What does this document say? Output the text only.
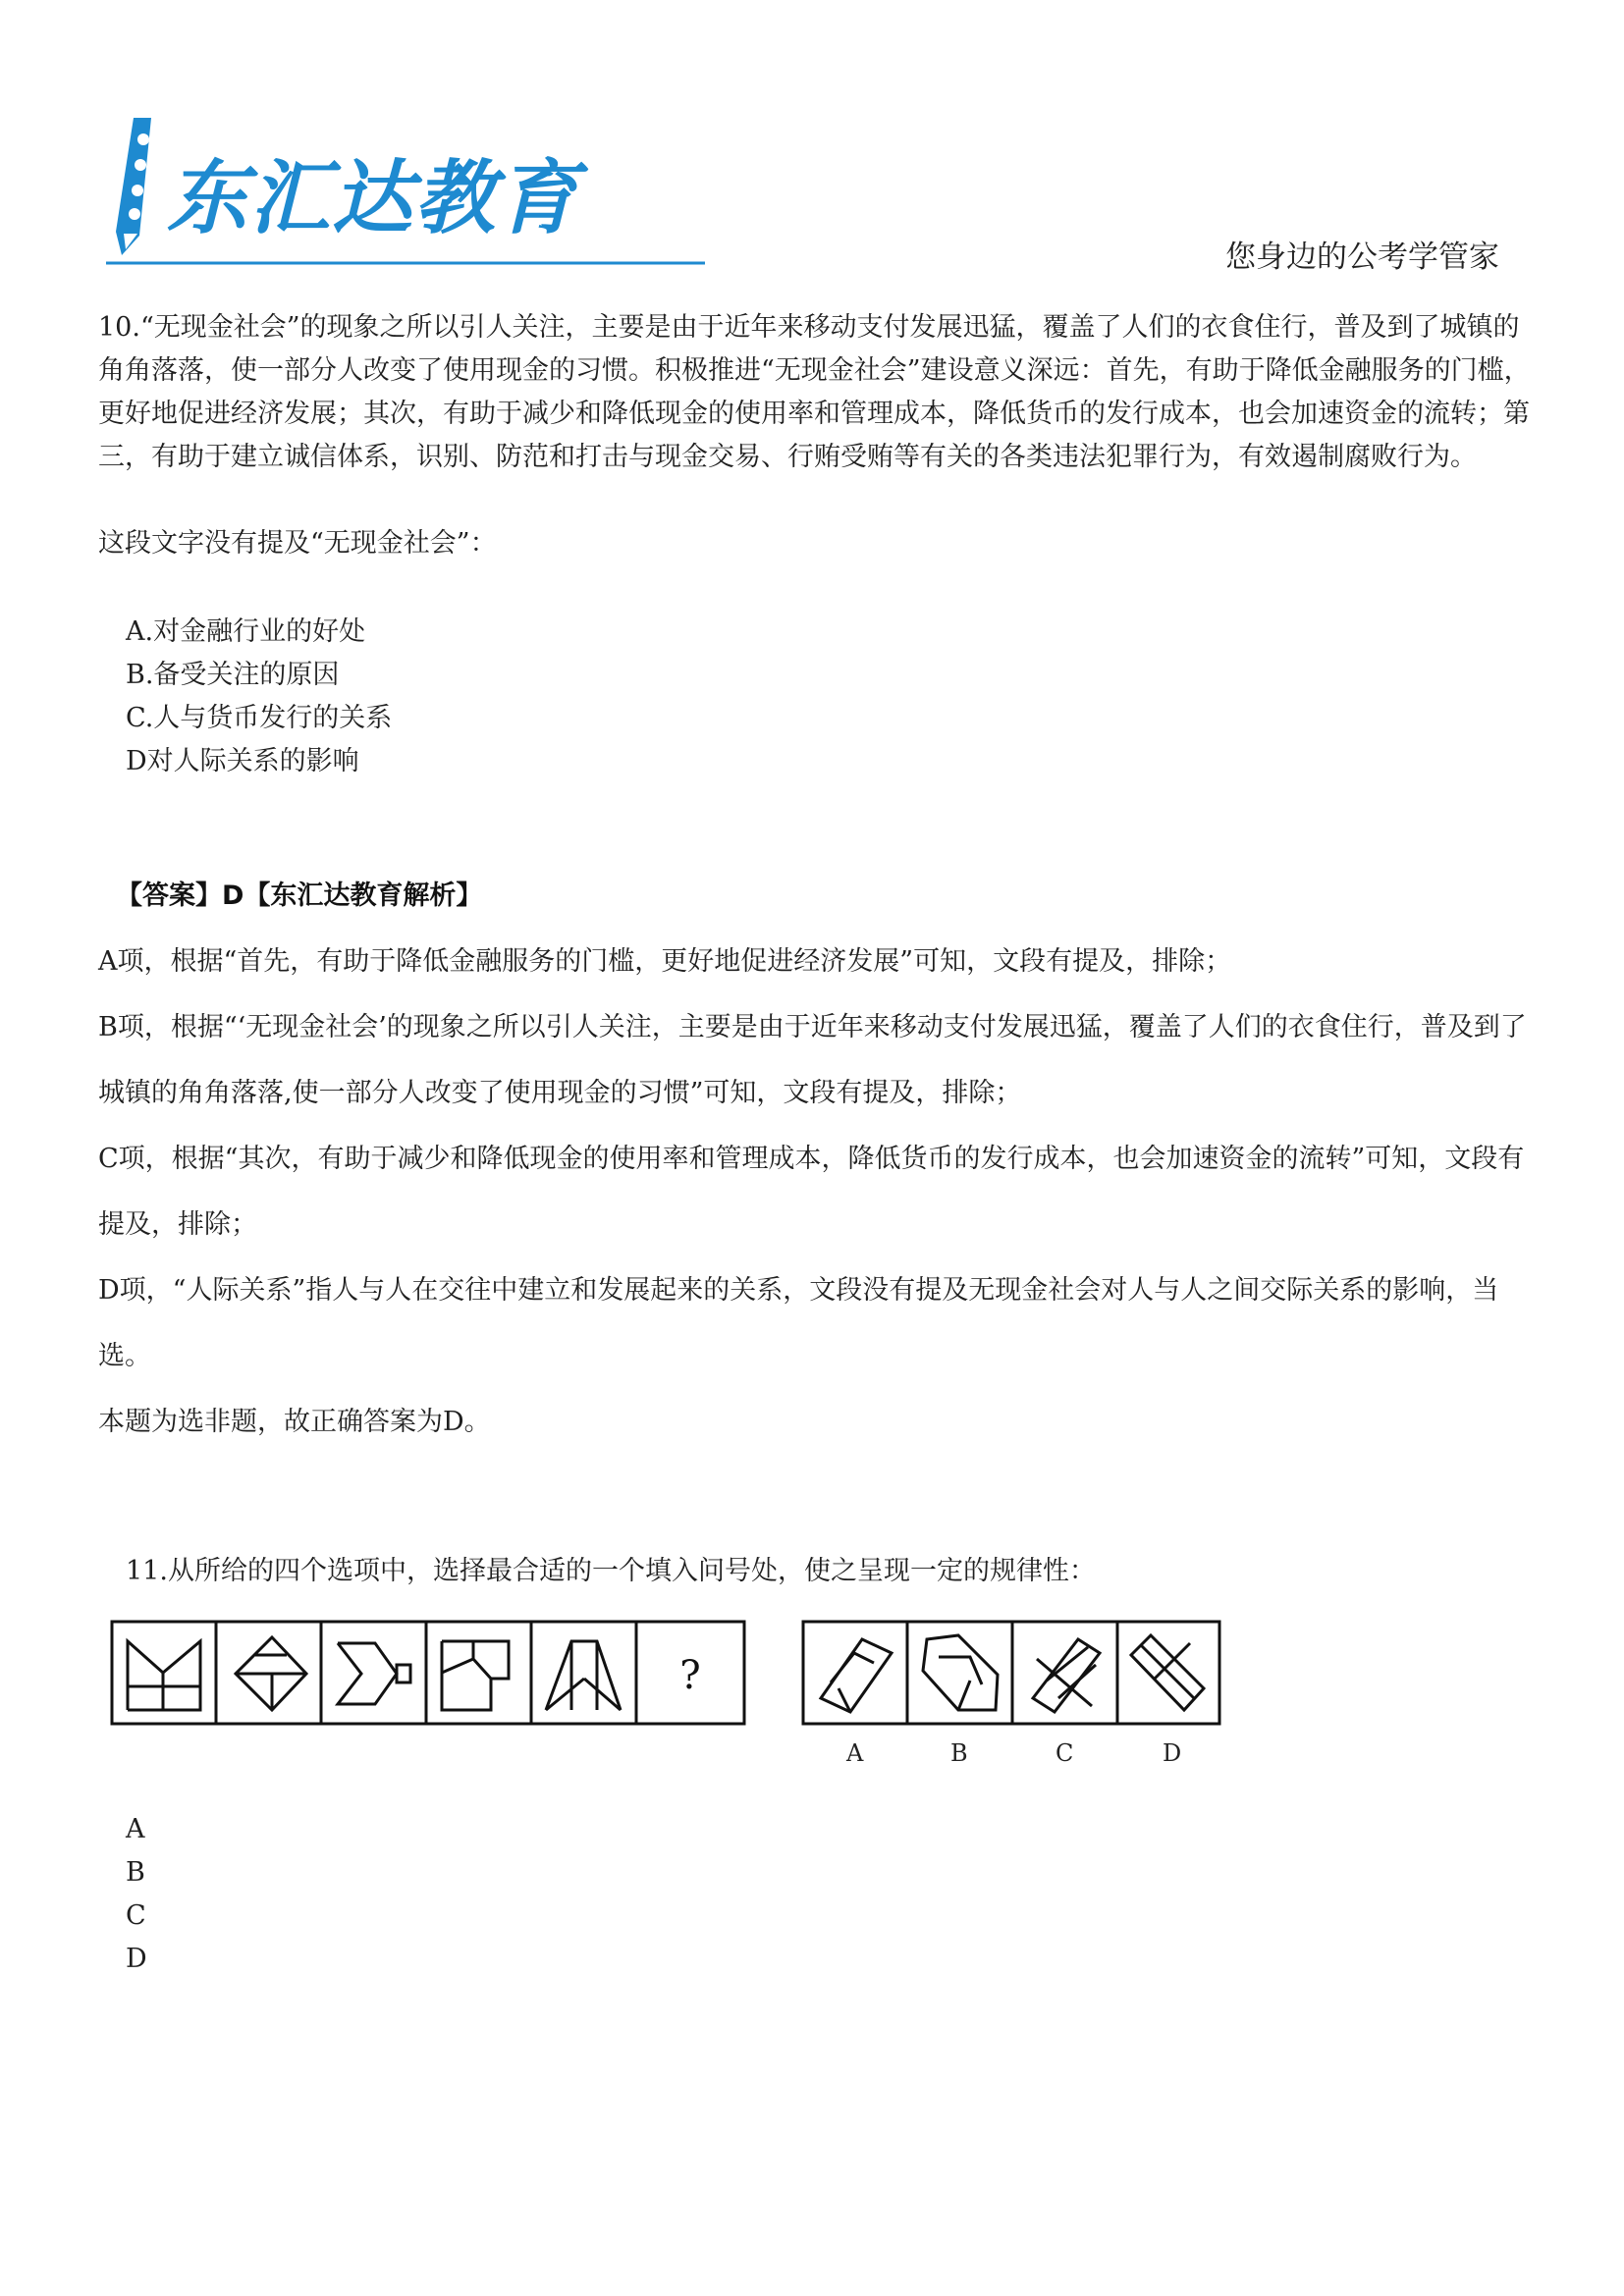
东汇达教育
您身边的公考学管家
10.“无现金社会”的现象之所以引人关注，主要是由于近年来移动支付发展迅猛，覆盖了人们的衣食住行，普及到了城镇的角角落落，使一部分人改变了使用现金的习惯。积极推进“无现金社会”建设意义深远：首先，有助于降低金融服务的门槛，更好地促进经济发展；其次，有助于减少和降低现金的使用率和管理成本，降低货币的发行成本，也会加速资金的流转；第三，有助于建立诚信体系，识别、防范和打击与现金交易、行贿受贿等有关的各类违法犯罪行为，有效遏制腐败行为。
这段文字没有提及“无现金社会”：
A.对金融行业的好处
B.备受关注的原因
C.人与货币发行的关系
D对人际关系的影响
【答案】D【东汇达教育解析】
A项，根据“首先，有助于降低金融服务的门槛，更好地促进经济发展”可知，文段有提及，排除；
B项，根据“‘无现金社会’的现象之所以引人关注，主要是由于近年来移动支付发展迅猛，覆盖了人们的衣食住行，普及到了城镇的角角落落,使一部分人改变了使用现金的习惯”可知，文段有提及，排除；
C项，根据“其次，有助于减少和降低现金的使用率和管理成本，降低货币的发行成本，也会加速资金的流转”可知，文段有提及，排除；
D项，“人际关系”指人与人在交往中建立和发展起来的关系，文段没有提及无现金社会对人与人之间交际关系的影响，当选。
本题为选非题，故正确答案为D。
11.从所给的四个选项中，选择最合适的一个填入问号处，使之呈现一定的规律性：
?
A	B	C	D
A
B
C
D
